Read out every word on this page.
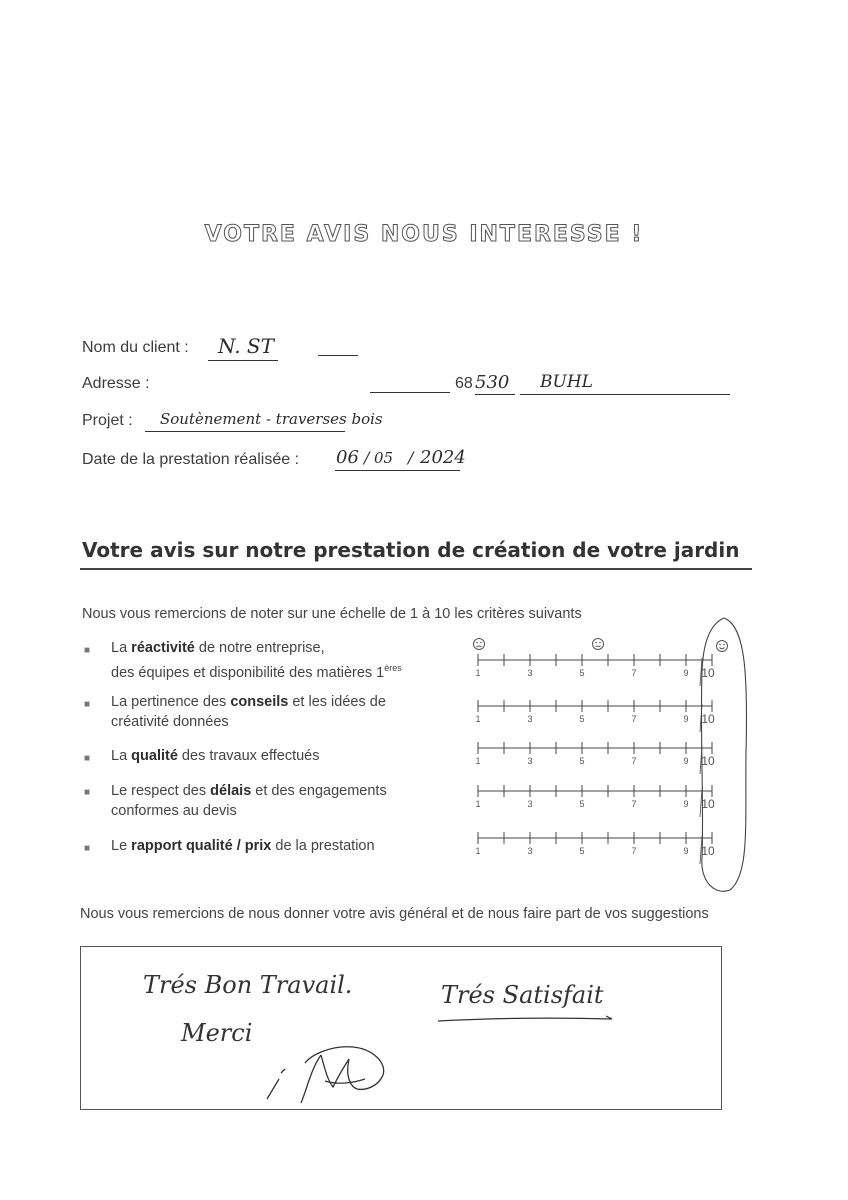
VOTRE AVIS NOUS INTERESSE !
Nom du client : N. ST
Adresse :	68 530 BUHL
Projet : Soutènement - traverses bois
Date de la prestation réalisée : 06 / 05 / 2024
Votre avis sur notre prestation de création de votre jardin
Nous vous remercions de noter sur une échelle de 1 à 10 les critères suivants
■ La réactivité de notre entreprise,
des équipes et disponibilité des matières 1ères	1	3	5	7	9 10
■ La pertinence des conseils et les idées de
créativité données	1	3	5	7	9 10
■ La qualité des travaux effectués	1	3	5	7	9 10
■ Le respect des délais et des engagements
conformes au devis	1	3	5	7	9 10
■ Le rapport qualité / prix de la prestation	1	3	5	7	9 10
Nous vous remercions de nous donner votre avis général et de nous faire part de vos suggestions
Trés Bon Travail.
Merci
Trés Satisfait
